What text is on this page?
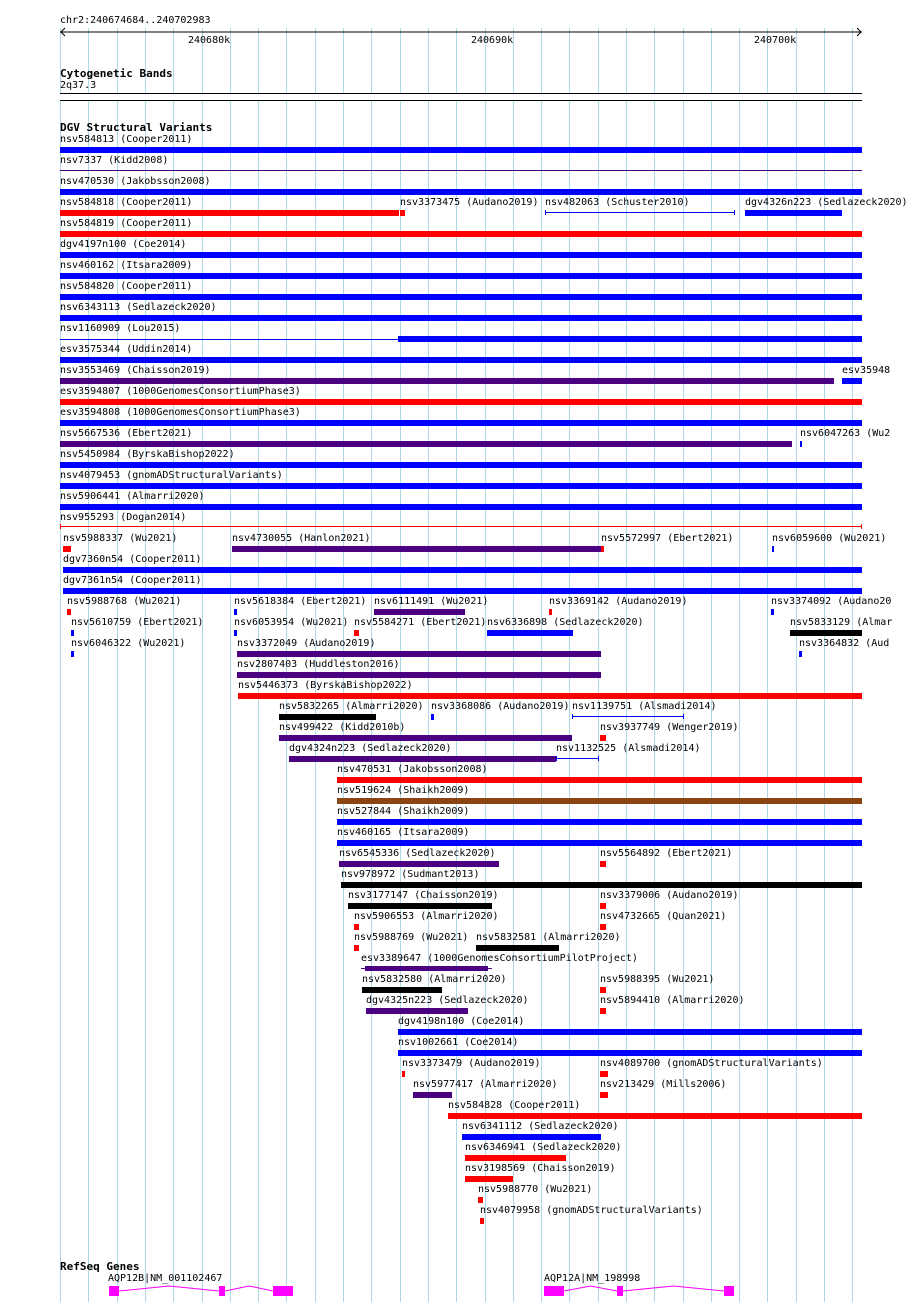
chr2:240674684..240702983
240680k	240690k	240700k
Cytogenetic Bands
2q37.3
DGV Structural Variants
nsv584813 (Cooper2011)
nsv7337 (Kidd2008)
nsv470530 (Jakobsson2008)
nsv584818 (Cooper2011)	nsv3373475 (Audano2019) nsv482063 (Schuster2010)	dgv4326n223 (Sedlazeck2020)
nsv584819 (Cooper2011)
dgv4197n100 (Coe2014)
nsv460162 (Itsara2009)
nsv584820 (Cooper2011)
nsv6343113 (Sedlazeck2020)
nsv1160909 (Lou2015)
esv3575344 (Uddin2014)
nsv3553469 (Chaisson2019)	esv35948
esv3594807 (1000GenomesConsortiumPhase3)
esv3594808 (1000GenomesConsortiumPhase3)
nsv5667536 (Ebert2021)	nsv6047263 (Wu2
nsv5450984 (ByrskaBishop2022)
nsv4079453 (gnomADStructuralVariants)
nsv5906441 (Almarri2020)
nsv955293 (Dogan2014)
nsv5988337 (Wu2021)	nsv4730055 (Hanlon2021)	nsv5572997 (Ebert2021)	nsv6059600 (Wu2021)
dgv7360n54 (Cooper2011)
dgv7361n54 (Cooper2011)
nsv5988768 (Wu2021)	nsv5618384 (Ebert2021) nsv6111491 (Wu2021)	nsv3369142 (Audano2019)	nsv3374092 (Audano20
nsv5610759 (Ebert2021)	nsv6053954 (Wu2021) nsv5584271 (Ebert2021) nsv6336898 (Sedlazeck2020)	nsv5833129 (Almar
nsv6046322 (Wu2021)	nsv3372049 (Audano2019)	nsv3364832 (Aud
nsv2807403 (Huddleston2016)
nsv5446373 (ByrskaBishop2022)
nsv5832265 (Almarri2020) nsv3368086 (Audano2019) nsv1139751 (Alsmadi2014)
nsv499422 (Kidd2010b)	nsv3937749 (Wenger2019)
dgv4324n223 (Sedlazeck2020)	nsv1132525 (Alsmadi2014)
nsv470531 (Jakobsson2008)
nsv519624 (Shaikh2009)
nsv527844 (Shaikh2009)
nsv460165 (Itsara2009)
nsv6545336 (Sedlazeck2020)	nsv5564892 (Ebert2021)
nsv978972 (Sudmant2013)
nsv3177147 (Chaisson2019)	nsv3379006 (Audano2019)
nsv5906553 (Almarri2020)	nsv4732665 (Quan2021)
nsv5988769 (Wu2021) nsv5832581 (Almarri2020)
esv3389647 (1000GenomesConsortiumPilotProject)
nsv5832580 (Almarri2020)	nsv5988395 (Wu2021)
dgv4325n223 (Sedlazeck2020)	nsv5894410 (Almarri2020)
dgv4198n100 (Coe2014)
nsv1002661 (Coe2014)
nsv3373479 (Audano2019)	nsv4089700 (gnomADStructuralVariants)
nsv5977417 (Almarri2020)	nsv213429 (Mills2006)
nsv584828 (Cooper2011)
nsv6341112 (Sedlazeck2020)
nsv6346941 (Sedlazeck2020)
nsv3198569 (Chaisson2019)
nsv5988770 (Wu2021)
nsv4079958 (gnomADStructuralVariants)
AQP12B|NM_001102467	AQP12A|NM_198998
RefSeq Genes
